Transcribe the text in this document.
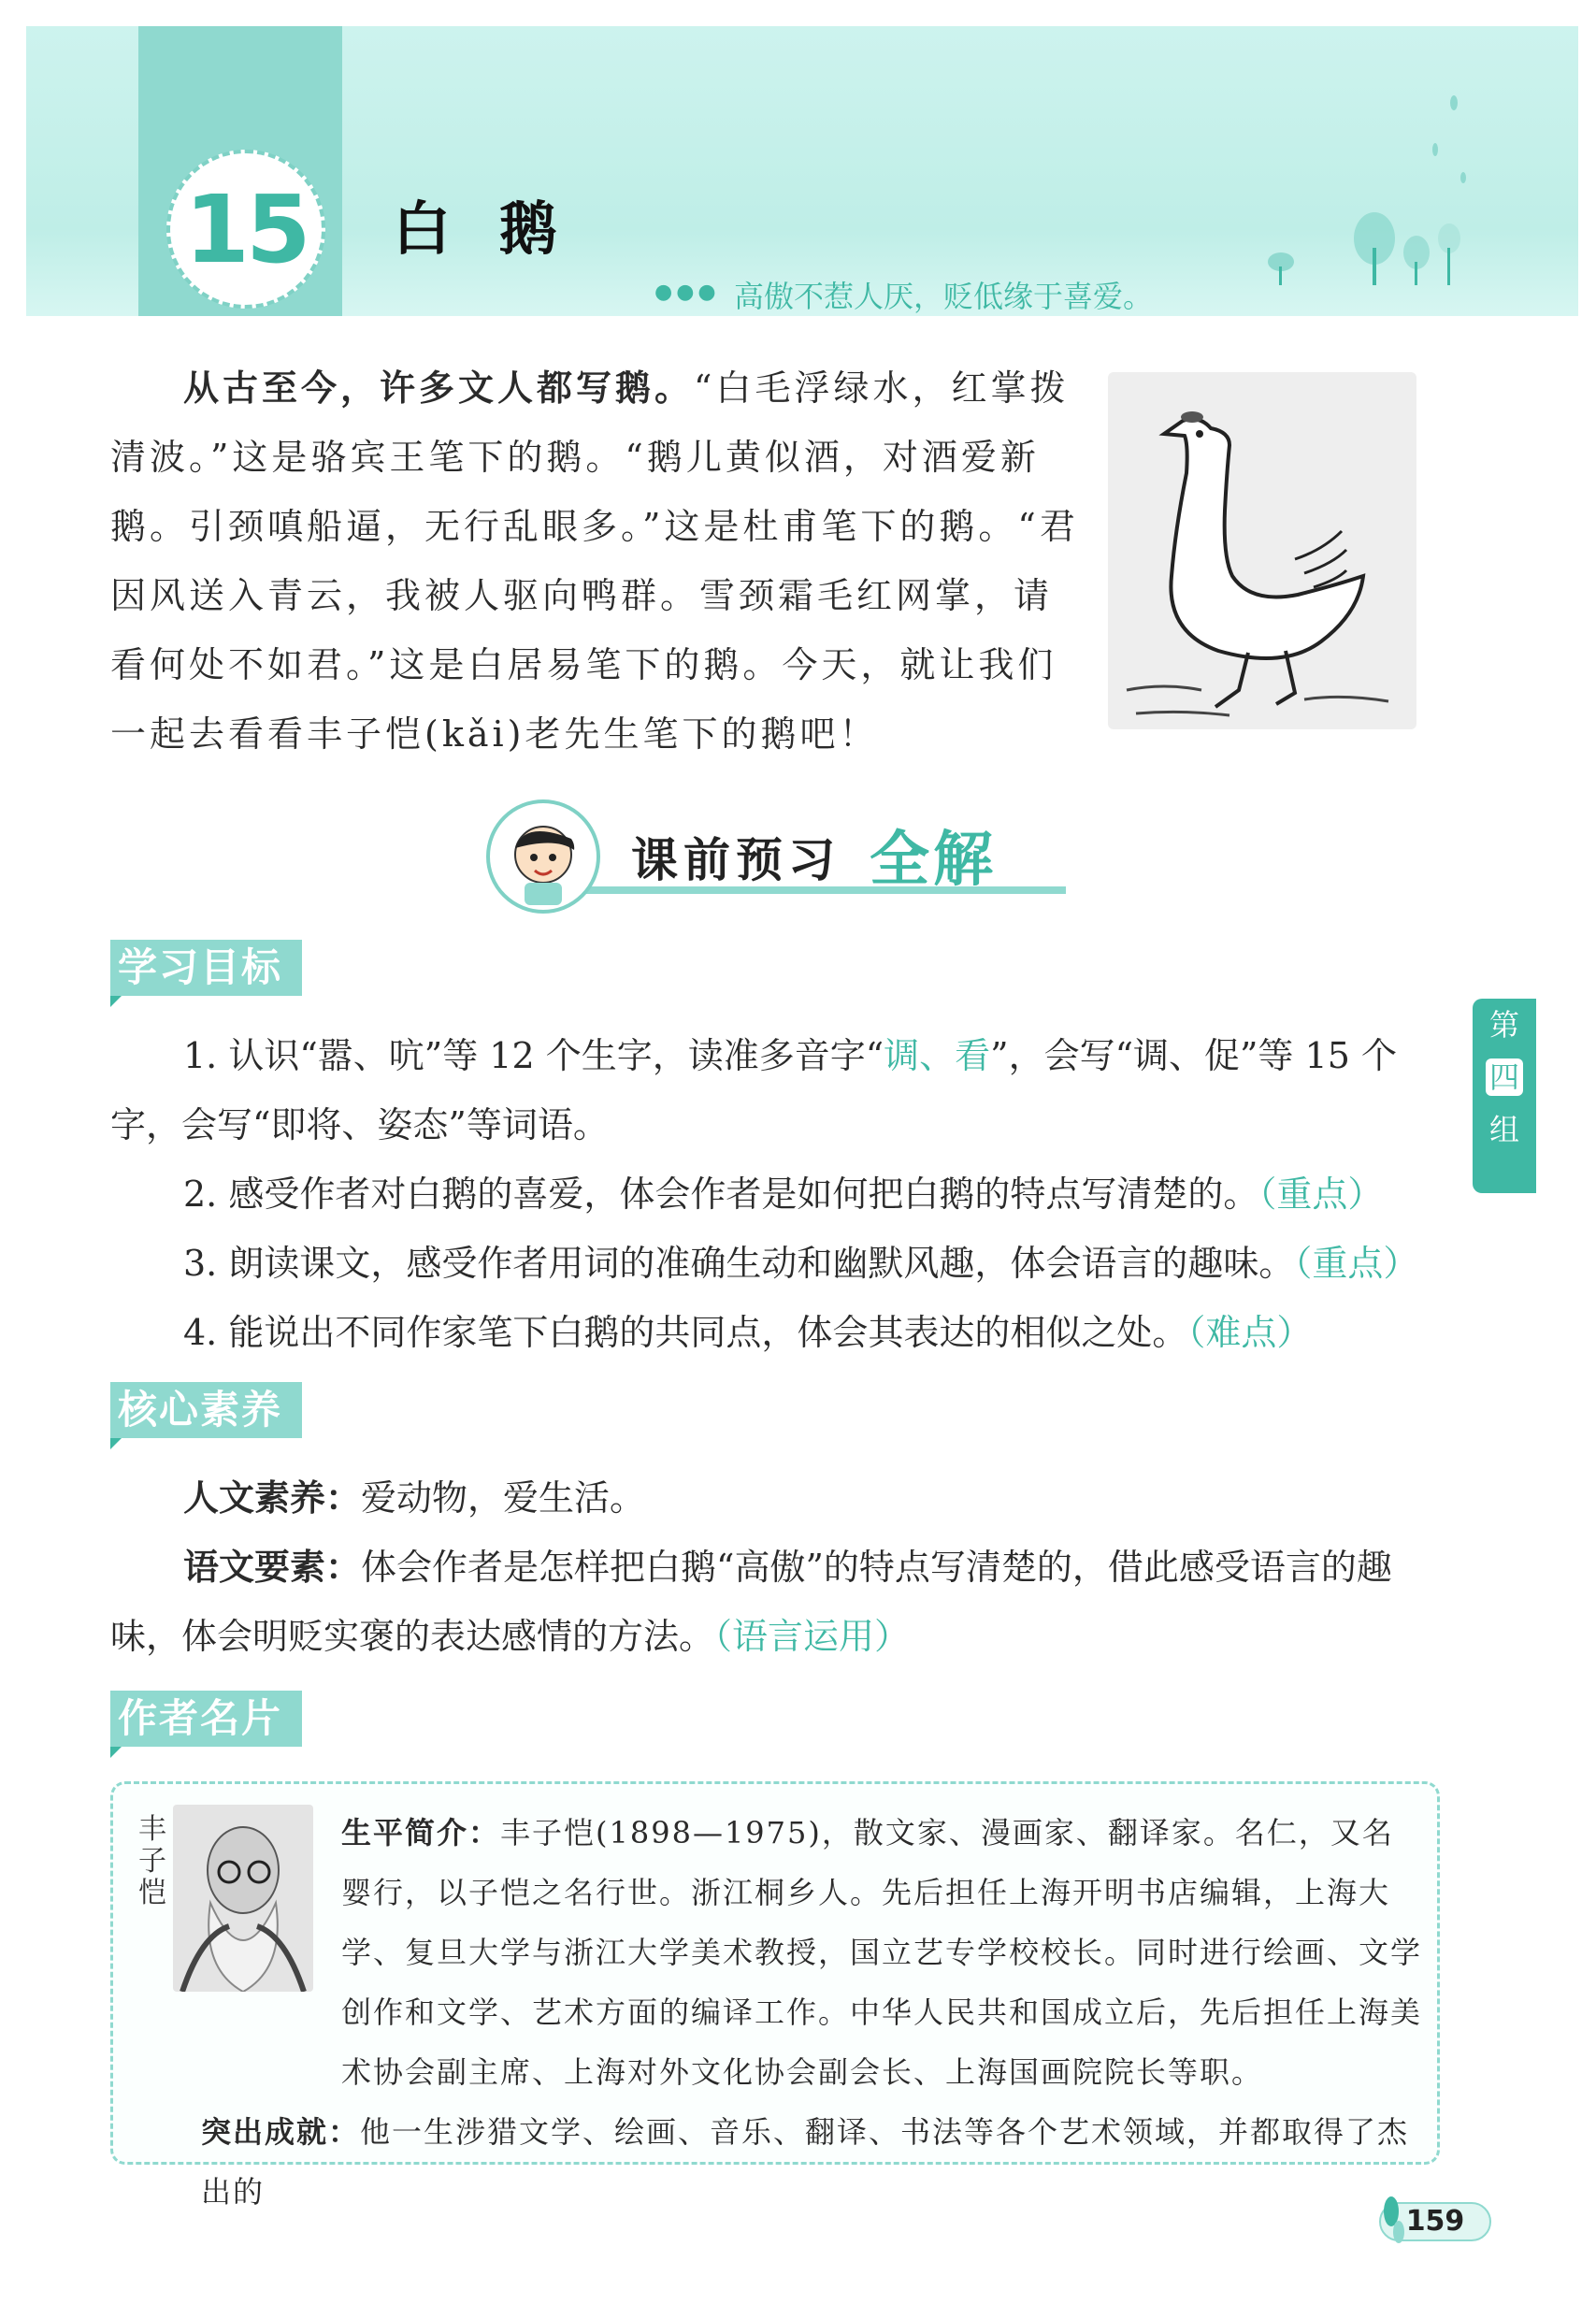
15 白鹅
●●● 高傲不惹人厌，贬低缘于喜爱。
从古至今，许多文人都写鹅。“白毛浮绿水，红掌拨清波。”这是骆宾王笔下的鹅。“鹅儿黄似酒，对酒爱新鹅。引颈嗔船逼，无行乱眼多。”这是杜甫笔下的鹅。“君因风送入青云，我被人驱向鸭群。雪颈霜毛红网掌，请看何处不如君。”这是白居易笔下的鹅。今天，就让我们一起去看看丰子恺(kǎi)老先生笔下的鹅吧！
课前预习 全解
学习目标
1. 认识“嚣、吭”等 12 个生字，读准多音字“调、看”，会写“调、促”等 15 个字，会写“即将、姿态”等词语。
2. 感受作者对白鹅的喜爱，体会作者是如何把白鹅的特点写清楚的。（重点）
3. 朗读课文，感受作者用词的准确生动和幽默风趣，体会语言的趣味。（重点）
4. 能说出不同作家笔下白鹅的共同点，体会其表达的相似之处。（难点）
第
四
组
核心素养
人文素养：爱动物，爱生活。
语文要素：体会作者是怎样把白鹅“高傲”的特点写清楚的，借此感受语言的趣味，体会明贬实褒的表达感情的方法。（语言运用）
作者名片
丰子恺
生平简介：丰子恺(1898—1975)，散文家、漫画家、翻译家。名仁，又名婴行，以子恺之名行世。浙江桐乡人。先后担任上海开明书店编辑，上海大学、复旦大学与浙江大学美术教授，国立艺专学校校长。同时进行绘画、文学创作和文学、艺术方面的编译工作。中华人民共和国成立后，先后担任上海美术协会副主席、上海对外文化协会副会长、上海国画院院长等职。
突出成就：他一生涉猎文学、绘画、音乐、翻译、书法等各个艺术领域，并都取得了杰出的
159
